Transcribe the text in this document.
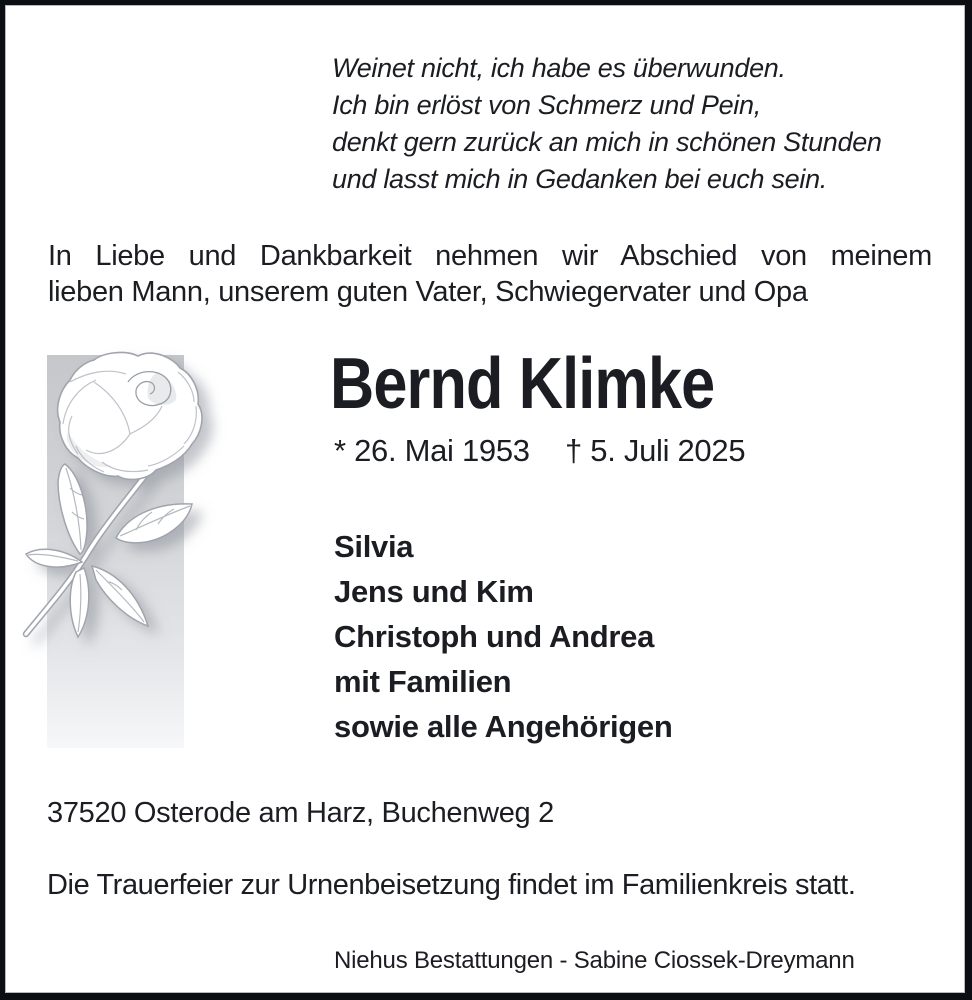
Weinet nicht, ich habe es überwunden.
Ich bin erlöst von Schmerz und Pein,
denkt gern zurück an mich in schönen Stunden
und lasst mich in Gedanken bei euch sein.
In Liebe und Dankbarkeit nehmen wir Abschied von meinem
lieben Mann, unserem guten Vater, Schwiegervater und Opa
Bernd Klimke
* 26. Mai 1953 † 5. Juli 2025
Silvia
Jens und Kim
Christoph und Andrea
mit Familien
sowie alle Angehörigen
37520 Osterode am Harz, Buchenweg 2
Die Trauerfeier zur Urnenbeisetzung findet im Familienkreis statt.
Niehus Bestattungen - Sabine Ciossek-Dreymann
